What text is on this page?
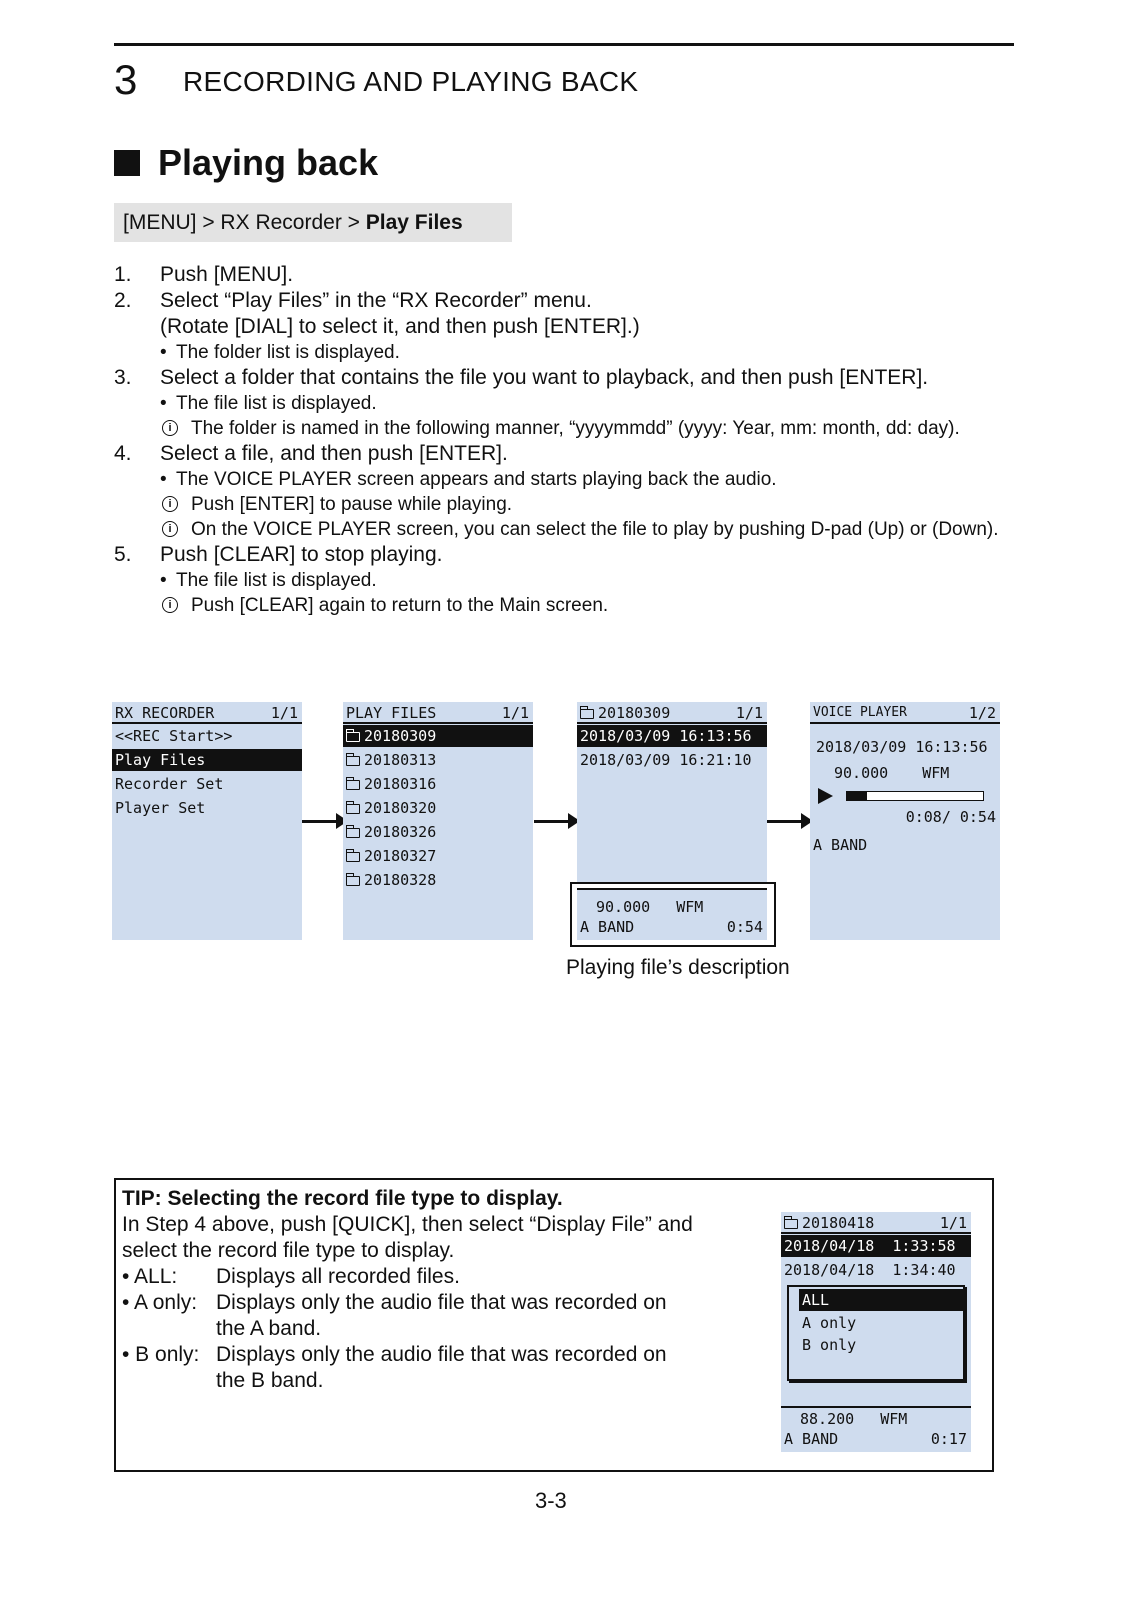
3 RECORDING AND PLAYING BACK
Playing back
[MENU] > RX Recorder > Play Files
1. Push [MENU].
2. Select “Play Files” in the “RX Recorder” menu.
(Rotate [DIAL] to select it, and then push [ENTER].)
• The folder list is displayed.
3. Select a folder that contains the file you want to playback, and then push [ENTER].
• The file list is displayed.
i	The folder is named in the following manner, “yyyymmdd” (yyyy: Year, mm: month, dd: day).
4. Select a file, and then push [ENTER].
• The VOICE PLAYER screen appears and starts playing back the audio.
i	Push [ENTER] to pause while playing.
i	On the VOICE PLAYER screen, you can select the file to play by pushing D-pad (Up) or (Down).
5. Push [CLEAR] to stop playing.
• The file list is displayed.
i	Push [CLEAR] again to return to the Main screen.
RX RECORDER	1/1
<<REC Start>>
Play Files
Recorder Set
Player Set
PLAY FILES	1/1
20180309
20180313
20180316
20180320
20180326
20180327
20180328
20180309	1/1
2018/03/09 16:13:56
2018/03/09 16:21:10
90.000 WFM
A BAND	0:54
VOICE PLAYER	1/2
2018/03/09 16:13:56
90.000 WFM
0:08/ 0:54
A BAND
Playing file’s description
TIP: Selecting the record file type to display.
In Step 4 above, push [QUICK], then select “Display File” and select the record file type to display.
• ALL: Displays all recorded files.
• A only: Displays only the audio file that was recorded on the A band.
• B only: Displays only the audio file that was recorded on the B band.
20180418	1/1
2018/04/18  1:33:58
2018/04/18  1:34:40
ALL
A only
B only
88.200 WFM
A BAND	0:17
3-3
